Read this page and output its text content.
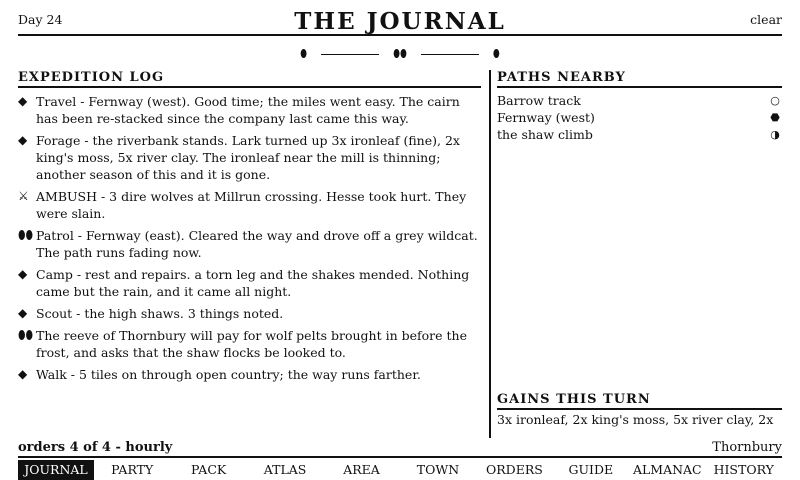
Day 24	THE JOURNAL	clear
⬮	⬮⬮	⬮
EXPEDITION LOG
◆ Travel - Fernway (west). Good time; the miles went easy. The cairn has been re-stacked since the company last came this way.
◆ Forage - the riverbank stands. Lark turned up 3x ironleaf (fine), 2x king's moss, 5x river clay. The ironleaf near the mill is thinning; another season of this and it is gone.
⚔ AMBUSH - 3 dire wolves at Millrun crossing. Hesse took hurt. They were slain.
⬮⬮ Patrol - Fernway (east). Cleared the way and drove off a grey wildcat. The path runs fading now.
◆ Camp - rest and repairs. a torn leg and the shakes mended. Nothing came but the rain, and it came all night.
◆ Scout - the high shaws. 3 things noted.
⬮⬮ The reeve of Thornbury will pay for wolf pelts brought in before the frost, and asks that the shaw flocks be looked to.
◆ Walk - 5 tiles on through open country; the way runs farther.
PATHS NEARBY
Barrow track	○
Fernway (west)	⬣
the shaw climb	◑
GAINS THIS TURN
3x ironleaf, 2x king's moss, 5x river clay, 2x
orders 4 of 4 - hourly	Thornbury
JOURNAL	PARTY	PACK	ATLAS	AREA	TOWN	ORDERS	GUIDE	ALMANAC HISTORY
